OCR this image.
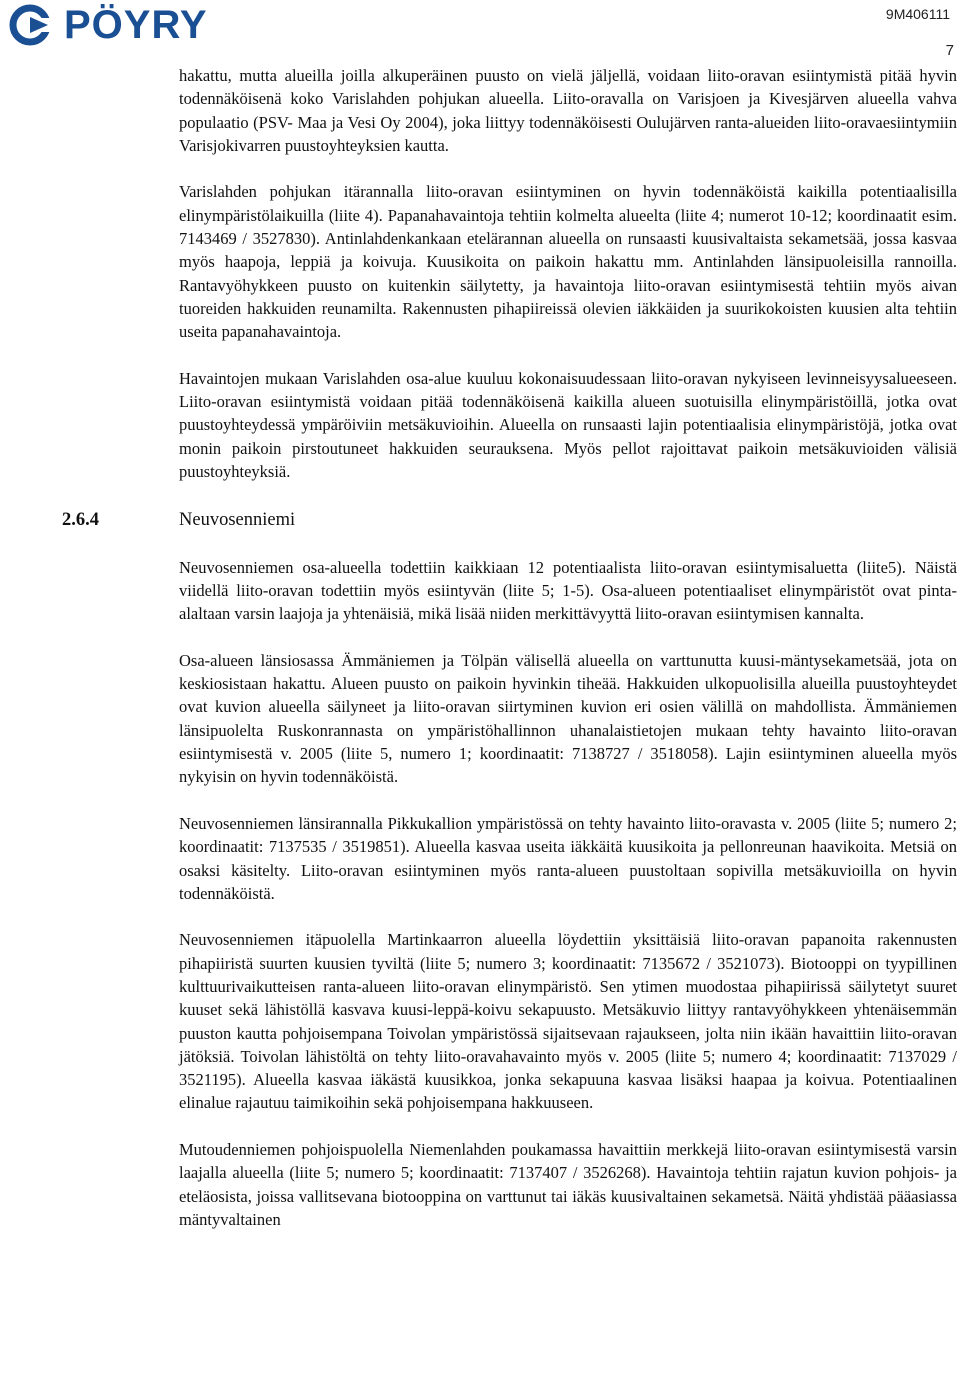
PÖYRY	9M406111
7

hakattu, mutta alueilla joilla alkuperäinen puusto on vielä jäljellä, voidaan liito-oravan esiintymistä pitää hyvin todennäköisenä koko Varislahden pohjukan alueella. Liito-oravalla on Varisjoen ja Kivesjärven alueella vahva populaatio (PSV- Maa ja Vesi Oy 2004), joka liittyy todennäköisesti Oulujärven ranta-alueiden liito-oravaesiintymiin Varisjokivarren puustoyhteyksien kautta.

Varislahden pohjukan itärannalla liito-oravan esiintyminen on hyvin todennäköistä kaikilla potentiaalisilla elinympäristölaikuilla (liite 4). Papanahavaintoja tehtiin kolmelta alueelta (liite 4; numerot 10-12; koordinaatit esim. 7143469 / 3527830). Antinlahdenkankaan etelärannan alueella on runsaasti kuusivaltaista sekametsää, jossa kasvaa myös haapoja, leppiä ja koivuja. Kuusikoita on paikoin hakattu mm. Antinlahden länsipuoleisilla rannoilla. Rantavyöhykkeen puusto on kuitenkin säilytetty, ja havaintoja liito-oravan esiintymisestä tehtiin myös aivan tuoreiden hakkuiden reunamilta. Rakennusten pihapiireissä olevien iäkkäiden ja suurikokoisten kuusien alta tehtiin useita papanahavaintoja.

Havaintojen mukaan Varislahden osa-alue kuuluu kokonaisuudessaan liito-oravan nykyiseen levinneisyysalueeseen. Liito-oravan esiintymistä voidaan pitää todennäköisenä kaikilla alueen suotuisilla elinympäristöillä, jotka ovat puustoyhteydessä ympäröiviin metsäkuvioihin. Alueella on runsaasti lajin potentiaalisia elinympäristöjä, jotka ovat monin paikoin pirstoutuneet hakkuiden seurauksena. Myös pellot rajoittavat paikoin metsäkuvioiden välisiä puustoyhteyksiä.

2.6.4	Neuvosenniemi

Neuvosenniemen osa-alueella todettiin kaikkiaan 12 potentiaalista liito-oravan esiintymisaluetta (liite5). Näistä viidellä liito-oravan todettiin myös esiintyvän (liite 5; 1-5). Osa-alueen potentiaaliset elinympäristöt ovat pinta-alaltaan varsin laajoja ja yhtenäisiä, mikä lisää niiden merkittävyyttä liito-oravan esiintymisen kannalta.

Osa-alueen länsiosassa Ämmäniemen ja Tölpän välisellä alueella on varttunutta kuusi-mäntysekametsää, jota on keskiosistaan hakattu. Alueen puusto on paikoin hyvinkin tiheää. Hakkuiden ulkopuolisilla alueilla puustoyhteydet ovat kuvion alueella säilyneet ja liito-oravan siirtyminen kuvion eri osien välillä on mahdollista. Ämmäniemen länsipuolelta Ruskonrannasta on ympäristöhallinnon uhanalaistietojen mukaan tehty havainto liito-oravan esiintymisestä v. 2005 (liite 5, numero 1; koordinaatit: 7138727 / 3518058). Lajin esiintyminen alueella myös nykyisin on hyvin todennäköistä.

Neuvosenniemen länsirannalla Pikkukallion ympäristössä on tehty havainto liito-oravasta v. 2005 (liite 5; numero 2; koordinaatit: 7137535 / 3519851). Alueella kasvaa useita iäkkäitä kuusikoita ja pellonreunan haavikoita. Metsiä on osaksi käsitelty. Liito-oravan esiintyminen myös ranta-alueen puustoltaan sopivilla metsäkuvioilla on hyvin todennäköistä.

Neuvosenniemen itäpuolella Martinkaarron alueella löydettiin yksittäisiä liito-oravan papanoita rakennusten pihapiiristä suurten kuusien tyviltä (liite 5; numero 3; koordinaatit: 7135672 / 3521073). Biotooppi on tyypillinen kulttuurivaikutteisen ranta-alueen liito-oravan elinympäristö. Sen ytimen muodostaa pihapiirissä säilytetyt suuret kuuset sekä lähistöllä kasvava kuusi-leppä-koivu sekapuusto. Metsäkuvio liittyy rantavyöhykkeen yhtenäisemmän puuston kautta pohjoisempana Toivolan ympäristössä sijaitsevaan rajaukseen, jolta niin ikään havaittiin liito-oravan jätöksiä. Toivolan lähistöltä on tehty liito-oravahavainto myös v. 2005 (liite 5; numero 4; koordinaatit: 7137029 / 3521195). Alueella kasvaa iäkästä kuusikkoa, jonka sekapuuna kasvaa lisäksi haapaa ja koivua. Potentiaalinen elinalue rajautuu taimikoihin sekä pohjoisempana hakkuuseen.

Mutoudenniemen pohjoispuolella Niemenlahden poukamassa havaittiin merkkejä liito-oravan esiintymisestä varsin laajalla alueella (liite 5; numero 5; koordinaatit: 7137407 / 3526268). Havaintoja tehtiin rajatun kuvion pohjois- ja eteläosista, joissa vallitsevana biotooppina on varttunut tai iäkäs kuusivaltainen sekametsä. Näitä yhdistää pääasiassa mäntyvaltainen
